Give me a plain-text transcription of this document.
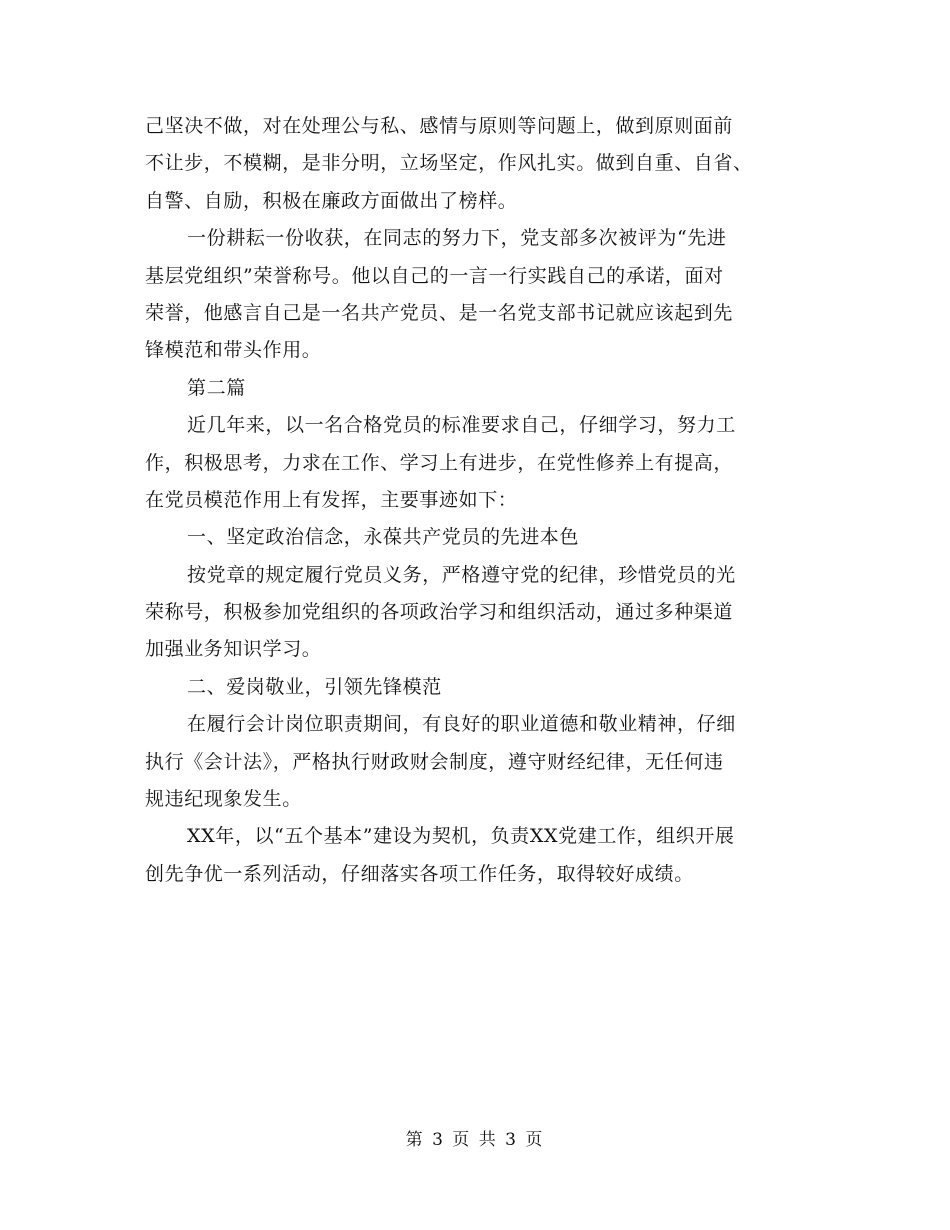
己坚决不做，对在处理公与私、感情与原则等问题上，做到原则面前
不让步，不模糊，是非分明，立场坚定，作风扎实。做到自重、自省、
自警、自励，积极在廉政方面做出了榜样。
一份耕耘一份收获，在同志的努力下，党支部多次被评为“先进
基层党组织”荣誉称号。他以自己的一言一行实践自己的承诺，面对
荣誉，他感言自己是一名共产党员、是一名党支部书记就应该起到先
锋模范和带头作用。
第二篇
近几年来，以一名合格党员的标准要求自己，仔细学习，努力工
作，积极思考，力求在工作、学习上有进步，在党性修养上有提高，
在党员模范作用上有发挥，主要事迹如下：
一、坚定政治信念，永葆共产党员的先进本色
按党章的规定履行党员义务，严格遵守党的纪律，珍惜党员的光
荣称号，积极参加党组织的各项政治学习和组织活动，通过多种渠道
加强业务知识学习。
二、爱岗敬业，引领先锋模范
在履行会计岗位职责期间，有良好的职业道德和敬业精神，仔细
执行《会计法》，严格执行财政财会制度，遵守财经纪律，无任何违
规违纪现象发生。
XX年，以“五个基本”建设为契机，负责XX党建工作，组织开展
创先争优一系列活动，仔细落实各项工作任务，取得较好成绩。
第 3 页 共 3 页
